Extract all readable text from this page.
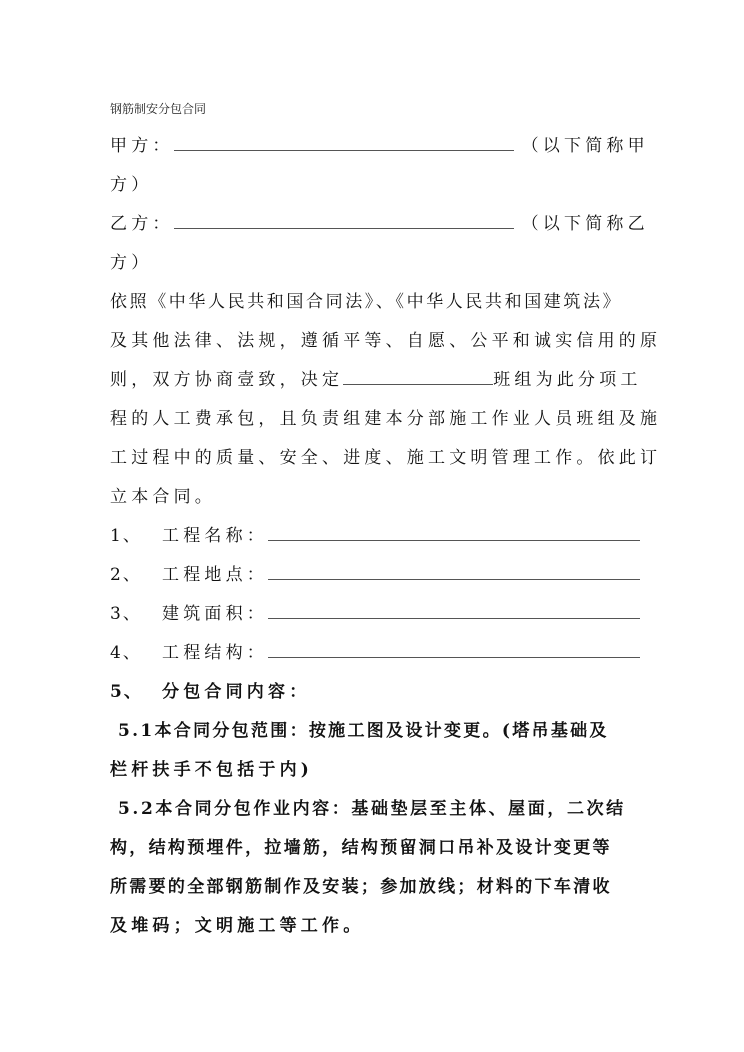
钢筋制安分包合同
甲方：	（以下简称甲
方）
乙方：	（以下简称乙
方）
依照《中华人民共和国合同法》、《中华人民共和国建筑法》
及其他法律、法规，遵循平等、自愿、公平和诚实信用的原
则，双方协商壹致，决定	班组为此分项工
程的人工费承包，且负责组建本分部施工作业人员班组及施
工过程中的质量、安全、进度、施工文明管理工作。依此订
立本合同。
1、 工程名称：
2、 工程地点：
3、 建筑面积：
4、 工程结构：
5、 分包合同内容：
5.1本合同分包范围：按施工图及设计变更。(塔吊基础及
栏杆扶手不包括于内)
5.2本合同分包作业内容：基础垫层至主体、屋面，二次结
构，结构预埋件，拉墙筋，结构预留洞口吊补及设计变更等
所需要的全部钢筋制作及安装；参加放线；材料的下车清收
及堆码；文明施工等工作。
